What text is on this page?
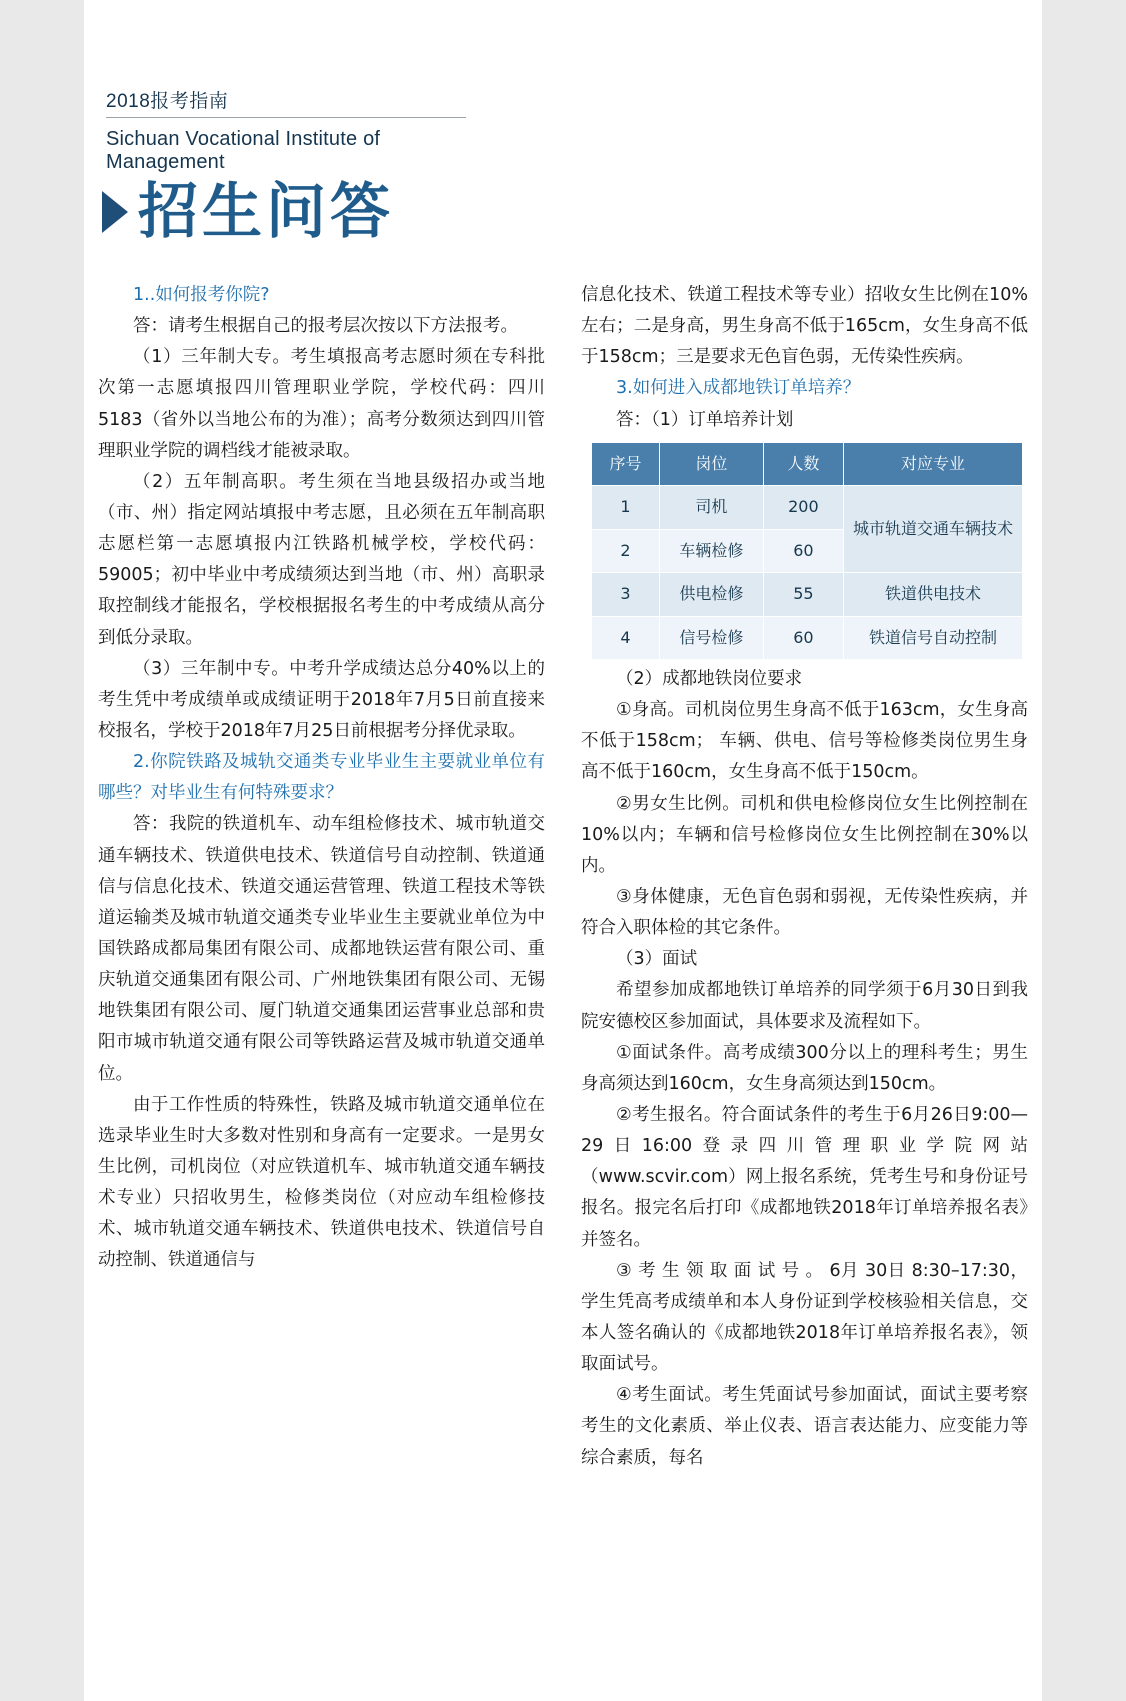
2018报考指南
Sichuan Vocational Institute of Management
招生问答

1..如何报考你院?

答：请考生根据自己的报考层次按以下方法报考。

（1）三年制大专。考生填报高考志愿时须在专科批次第一志愿填报四川管理职业学院，学校代码：四川5183（省外以当地公布的为准）；高考分数须达到四川管理职业学院的调档线才能被录取。

（2）五年制高职。考生须在当地县级招办或当地（市、州）指定网站填报中考志愿，且必须在五年制高职志愿栏第一志愿填报内江铁路机械学校，学校代码：59005；初中毕业中考成绩须达到当地（市、州）高职录取控制线才能报名，学校根据报名考生的中考成绩从高分到低分录取。

（3）三年制中专。中考升学成绩达总分40%以上的考生凭中考成绩单或成绩证明于2018年7月5日前直接来校报名，学校于2018年7月25日前根据考分择优录取。

2.你院铁路及城轨交通类专业毕业生主要就业单位有哪些？对毕业生有何特殊要求？

答：我院的铁道机车、动车组检修技术、城市轨道交通车辆技术、铁道供电技术、铁道信号自动控制、铁道通信与信息化技术、铁道交通运营管理、铁道工程技术等铁道运输类及城市轨道交通类专业毕业生主要就业单位为中国铁路成都局集团有限公司、成都地铁运营有限公司、重庆轨道交通集团有限公司、广州地铁集团有限公司、无锡地铁集团有限公司、厦门轨道交通集团运营事业总部和贵阳市城市轨道交通有限公司等铁路运营及城市轨道交通单位。

由于工作性质的特殊性，铁路及城市轨道交通单位在选录毕业生时大多数对性别和身高有一定要求。一是男女生比例，司机岗位（对应铁道机车、城市轨道交通车辆技术专业）只招收男生，检修类岗位（对应动车组检修技术、城市轨道交通车辆技术、铁道供电技术、铁道信号自动控制、铁道通信与

信息化技术、铁道工程技术等专业）招收女生比例在10%左右；二是身高，男生身高不低于165cm，女生身高不低于158cm；三是要求无色盲色弱，无传染性疾病。

3.如何进入成都地铁订单培养？

答：（1）订单培养计划

序号	岗位	人数	对应专业
1	司机	200	城市轨道交通车辆技术
2	车辆检修	60	
3	供电检修	55	铁道供电技术
4	信号检修	60	铁道信号自动控制

（2）成都地铁岗位要求

①身高。司机岗位男生身高不低于163cm，女生身高不低于158cm； 车辆、供电、信号等检修类岗位男生身高不低于160cm，女生身高不低于150cm。

②男女生比例。司机和供电检修岗位女生比例控制在10%以内；车辆和信号检修岗位女生比例控制在30%以内。

③身体健康，无色盲色弱和弱视，无传染性疾病，并符合入职体检的其它条件。

（3）面试

希望参加成都地铁订单培养的同学须于6月30日到我院安德校区参加面试，具体要求及流程如下。

①面试条件。高考成绩300分以上的理科考生；男生身高须达到160cm，女生身高须达到150cm。

②考生报名。符合面试条件的考生于6月26日9:00—29日16:00登录四川管理职业学院网站（www.scvir.com）网上报名系统，凭考生号和身份证号报名。报完名后打印《成都地铁2018年订单培养报名表》并签名。

③ 考 生 领 取 面 试 号 。 6月 30日 8:30–17:30，学生凭高考成绩单和本人身份证到学校核验相关信息，交本人签名确认的《成都地铁2018年订单培养报名表》，领取面试号。

④考生面试。考生凭面试号参加面试，面试主要考察考生的文化素质、举止仪表、语言表达能力、应变能力等综合素质，每名
